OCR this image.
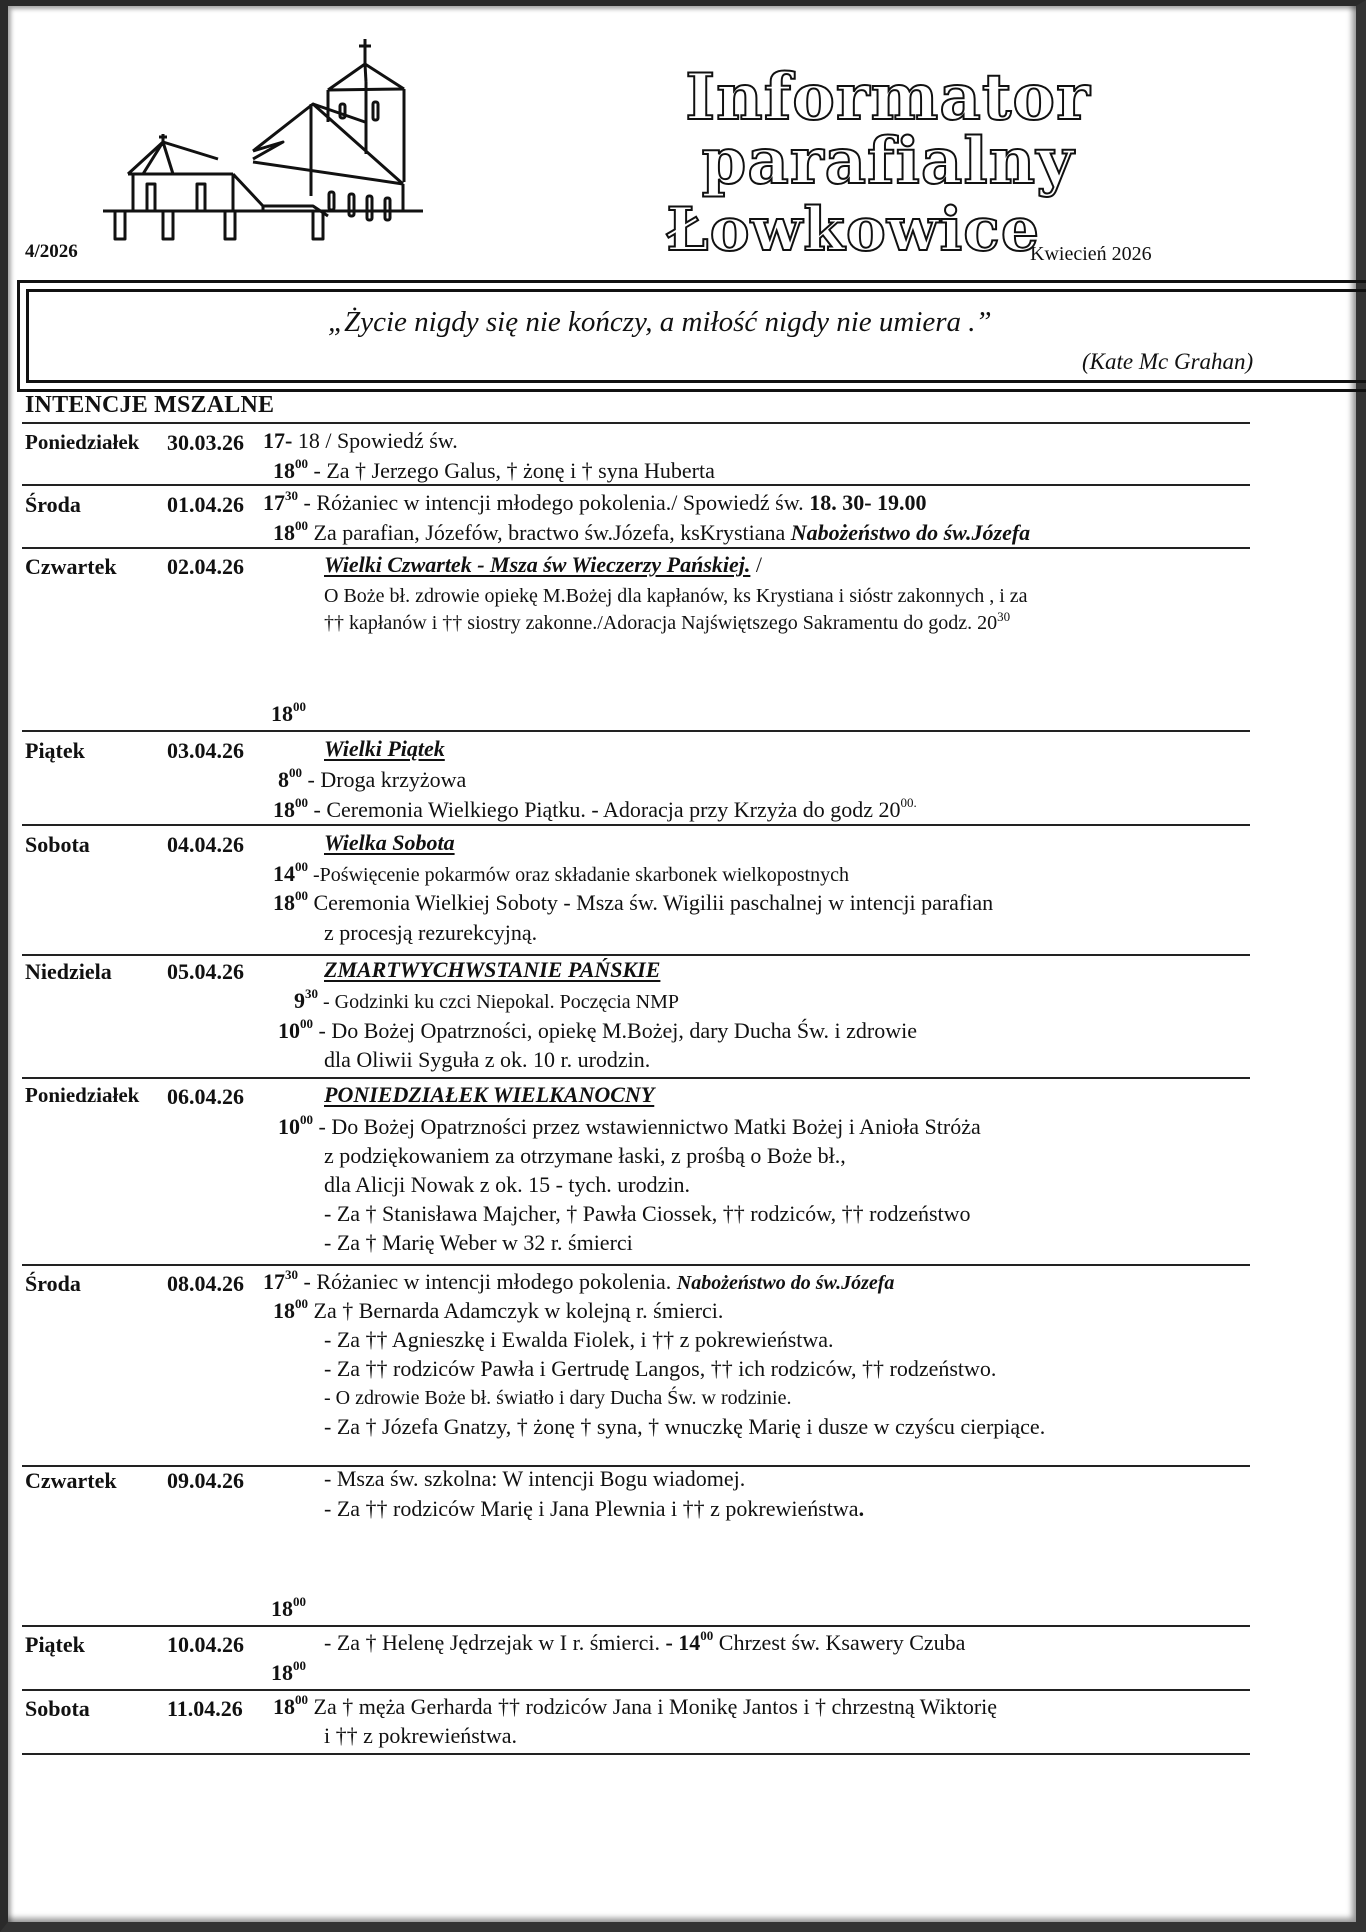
Informator parafialny
Łowkowice
4/2026	Kwiecień 2026
„Życie nigdy się nie kończy, a miłość nigdy nie umiera .”
(Kate Mc Grahan)
INTENCJE MSZALNE
Poniedziałek 30.03.26 17- 18 / Spowiedź św.
$18^{00}$ - Za † Jerzego Galus, † żonę i † syna Huberta
Środa	01.04.26 $17^{30}$ - Różaniec w intencji młodego pokolenia./ Spowiedź św. 18. 30- 19.00
$18^{00}$ Za parafian, Józefów, bractwo św.Józefa, ksKrystiana Nabożeństwo do św.Józefa
Czwartek 02.04.26	Wielki Czwartek - Msza św Wieczerzy Pańskiej. /
O Boże bł. zdrowie opiekę M.Bożej dla kapłanów, ks Krystiana i sióstr zakonnych , i za
†† kapłanów i †† siostry zakonne./Adoracja Najświętszego Sakramentu do godz. $20^{30}$
$18^{00}$
Piątek	03.04.26	Wielki Piątek
$8^{00}$ - Droga krzyżowa
$18^{00}$ - Ceremonia Wielkiego Piątku. - Adoracja przy Krzyża do godz $20^{00.}$
Sobota	04.04.26	Wielka Sobota
$14^{00}$ -Poświęcenie pokarmów oraz składanie skarbonek wielkopostnych
$18^{00}$ Ceremonia Wielkiej Soboty - Msza św. Wigilii paschalnej w intencji parafian
z procesją rezurekcyjną.
Niedziela	05.04.26	ZMARTWYCHWSTANIE PAŃSKIE
$9^{30}$ - Godzinki ku czci Niepokal. Poczęcia NMP
$10^{00}$ - Do Bożej Opatrzności, opiekę M.Bożej, dary Ducha Św. i zdrowie
dla Oliwii Syguła z ok. 10 r. urodzin.
Poniedziałek 06.04.26	PONIEDZIAŁEK WIELKANOCNY
$10^{00}$ - Do Bożej Opatrzności przez wstawiennictwo Matki Bożej i Anioła Stróża
z podziękowaniem za otrzymane łaski, z prośbą o Boże bł.,
dla Alicji Nowak z ok. 15 - tych. urodzin.
- Za † Stanisława Majcher, † Pawła Ciossek, †† rodziców, †† rodzeństwo
- Za † Marię Weber w 32 r. śmierci
Środa	08.04.26 $17^{30}$ - Różaniec w intencji młodego pokolenia. Nabożeństwo do św.Józefa
$18^{00}$ Za † Bernarda Adamczyk w kolejną r. śmierci.
- Za †† Agnieszkę i Ewalda Fiolek, i †† z pokrewieństwa.
- Za †† rodziców Pawła i Gertrudę Langos, †† ich rodziców, †† rodzeństwo.
- O zdrowie Boże bł. światło i dary Ducha Św. w rodzinie.
- Za † Józefa Gnatzy, † żonę † syna, † wnuczkę Marię i dusze w czyścu cierpiące.
Czwartek 09.04.26	- Msza św. szkolna: W intencji Bogu wiadomej.
- Za †† rodziców Marię i Jana Plewnia i †† z pokrewieństwa.
$18^{00}$
Piątek	10.04.26	- Za † Helenę Jędrzejak w I r. śmierci. - $14^{00}$ Chrzest św. Ksawery Czuba
$18^{00}$
Sobota	11.04.26 $18^{00}$ Za † męża Gerharda †† rodziców Jana i Monikę Jantos i † chrzestną Wiktorię
i †† z pokrewieństwa.
